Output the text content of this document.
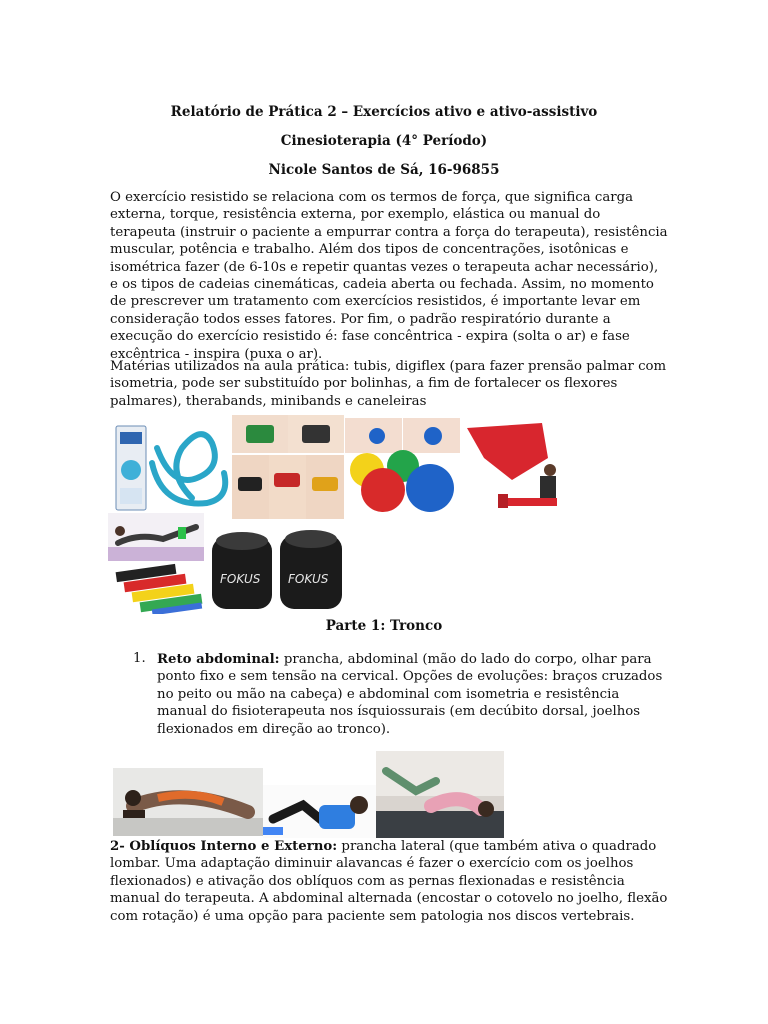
Relatório de Prática 2 – Exercícios ativo e ativo-assistivo
Cinesioterapia (4° Período)
Nicole Santos de Sá, 16-96855

O exercício resistido se relaciona com os termos de força, que significa carga externa, torque, resistência externa, por exemplo, elástica ou manual do terapeuta (instruir o paciente a empurrar contra a força do terapeuta), resistência muscular, potência e trabalho. Além dos tipos de concentrações, isotônicas e isométrica fazer (de 6-10s e repetir quantas vezes o terapeuta achar necessário), e os tipos de cadeias cinemáticas, cadeia aberta ou fechada. Assim, no momento de prescrever um tratamento com exercícios resistidos, é importante levar em consideração todos esses fatores. Por fim, o padrão respiratório durante a execução do exercício resistido é: fase concêntrica - expira (solta o ar) e fase excêntrica - inspira (puxa o ar).

Matérias utilizados na aula prática: tubis, digiflex (para fazer prensão palmar com isometria, pode ser substituído por bolinhas, a fim de fortalecer os flexores palmares), therabands, minibands e caneleiras

FOKUS FOKUS
Parte 1: Tronco
1. Reto abdominal: prancha, abdominal (mão do lado do corpo, olhar para ponto fixo e sem tensão na cervical. Opções de evoluções: braços cruzados no peito ou mão na cabeça) e abdominal com isometria e resistência manual do fisioterapeuta nos ísquiossurais (em decúbito dorsal, joelhos flexionados em direção ao tronco).

2- Oblíquos Interno e Externo: prancha lateral (que também ativa o quadrado lombar. Uma adaptação diminuir alavancas é fazer o exercício com os joelhos flexionados) e ativação dos oblíquos com as pernas flexionadas e resistência manual do terapeuta. A abdominal alternada (encostar o cotovelo no joelho, flexão com rotação) é uma opção para paciente sem patologia nos discos vertebrais.
